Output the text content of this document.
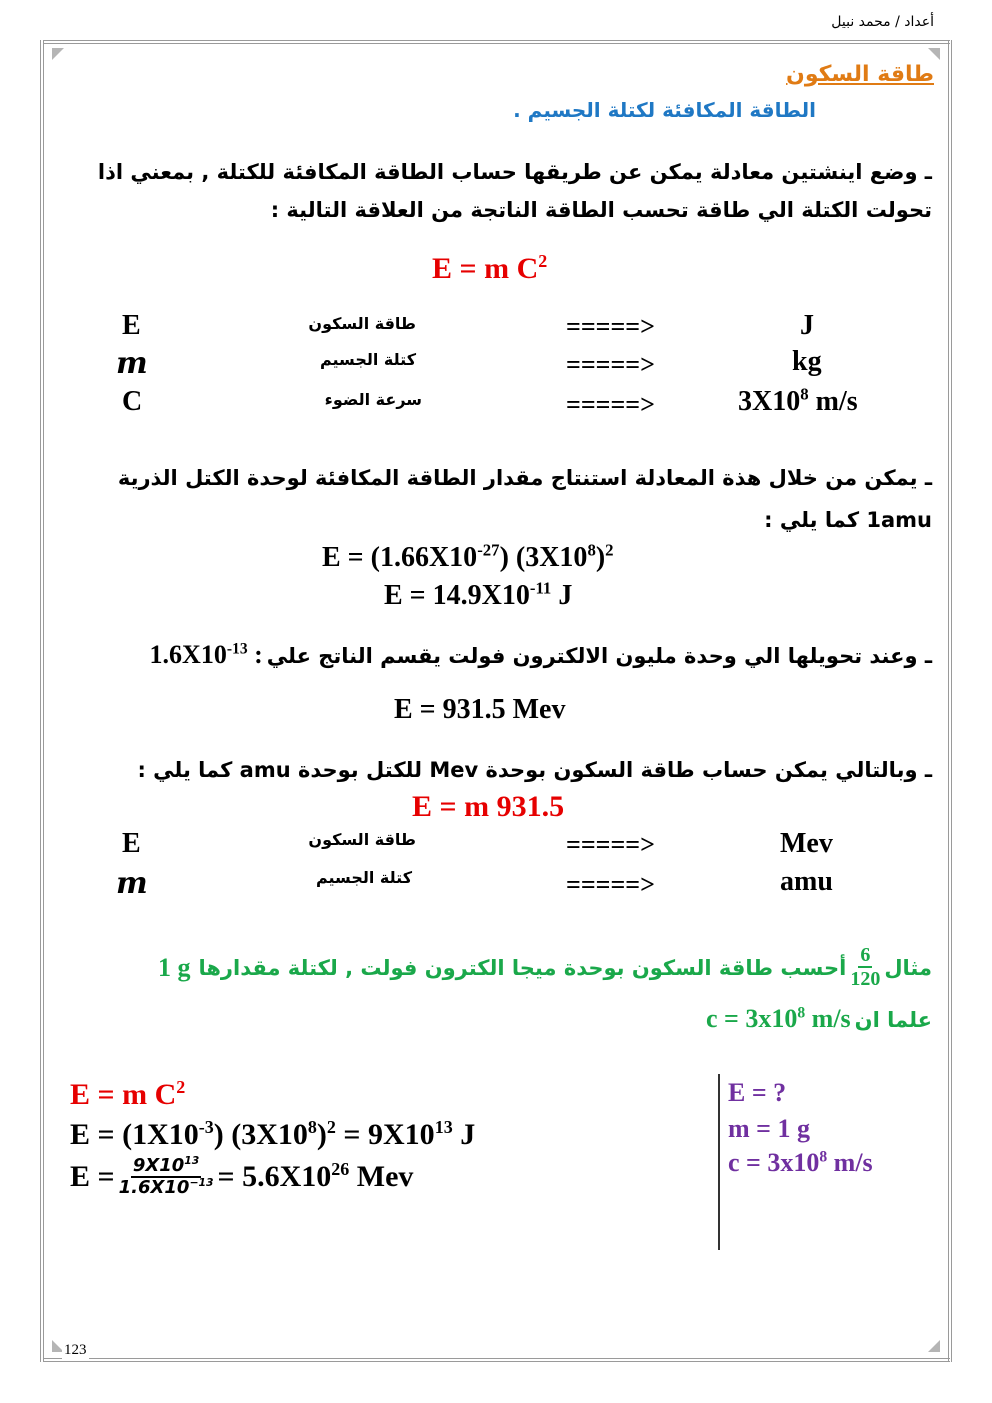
أعداد / محمد نبيل
طاقة السكون
الطاقة المكافئة لكتلة الجسيم .
ـ وضع اينشتين معادلة يمكن عن طريقها حساب الطاقة المكافئة للكتلة , بمعني اذا
تحولت الكتلة الي طاقة تحسب الطاقة الناتجة من العلاقة التالية :
E = m $C^2$
E	طاقة السكون	=====>	J
m	كتلة الجسيم	=====>	kg
C	سرعة الضوء	=====>	$3X10^8$ m/s
ـ يمكن من خلال هذة المعادلة استنتاج مقدار الطاقة المكافئة لوحدة الكتل الذرية
1amu كما يلي :
$E = (1.66X10^{-27})$ $(3X10^8)^2$
$E = 14.9X10^{-11}$ J
ـ وعند تحويلها الي وحدة مليون الالكترون فولت يقسم الناتج علي $1.6X10^{-13}$ :
E = 931.5 Mev
ـ وبالتالي يمكن حساب طاقة السكون بوحدة Mev للكتل بوحدة amu كما يلي :
E = m 931.5
E	طاقة السكون	=====>	Mev
m	كتلة الجسيم	=====>	amu
مثال
$\frac{6}{120}$
أحسب طاقة السكون بوحدة ميجا الكترون فولت , لكتلة مقدارها
1 g
علما ان $c = 3x10^8$ m/s
E = m $C^2$
$E = (1X10^{-3}) (3X10^8)^2 = 9X10^{13}$ J
$E = \frac{9X10^{13}}{1.6X10^{-13}} = 5.6X10^{26}$ Mev
E = ?
m = 1 g
$c = 3x10^8$ m/s
123
